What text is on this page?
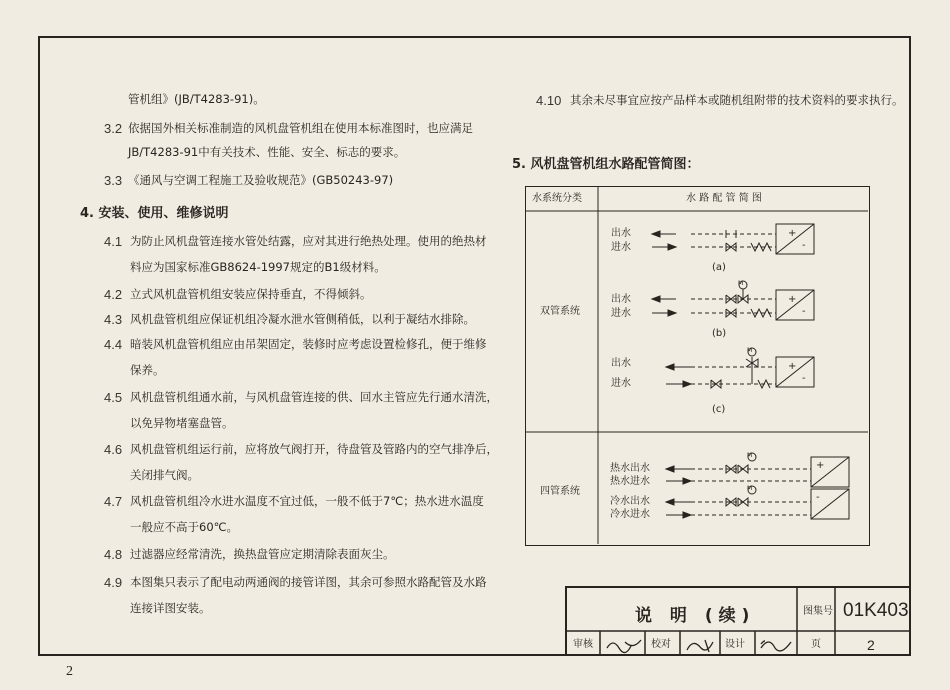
管机组》(JB/T4283-91)。
3.2 依据国外相关标准制造的风机盘管机组在使用本标准图时，也应满足
JB/T4283-91中有关技术、性能、安全、标志的要求。
3.3 《通风与空调工程施工及验收规范》(GB50243-97)
4. 安装、使用、维修说明
4.1 为防止风机盘管连接水管处结露，应对其进行绝热处理。使用的绝热材
料应为国家标准GB8624-1997规定的B1级材料。
4.2 立式风机盘管机组安装应保持垂直，不得倾斜。
4.3 风机盘管机组应保证机组冷凝水泄水管侧稍低，以利于凝结水排除。
4.4 暗装风机盘管机组应由吊架固定，装修时应考虑设置检修孔，便于维修
保养。
4.5 风机盘管机组通水前，与风机盘管连接的供、回水主管应先行通水清洗，
以免异物堵塞盘管。
4.6 风机盘管机组运行前，应将放气阀打开，待盘管及管路内的空气排净后，
关闭排气阀。
4.7 风机盘管机组冷水进水温度不宜过低，一般不低于7℃；热水进水温度
一般应不高于60℃。
4.8 过滤器应经常清洗，换热盘管应定期清除表面灰尘。
4.9 本图集只表示了配电动两通阀的接管详图，其余可参照水路配管及水路
连接详图安装。
4.10 其余未尽事宜应按产品样本或随机组附带的技术资料的要求执行。
5. 风机盘管机组水路配管简图：
水系统分类	水 路 配 管 简 图
双管系统
四管系统
出水
进水
(a)
+
-
出水
进水
(b)
M
+
-
出水
进水
(c)
M
+
-
热水出水
热水进水
冷水出水
冷水进水
M
M
+
-
说 明 (续)	图集号 01K403
审核	校对	设计	页	2
2
